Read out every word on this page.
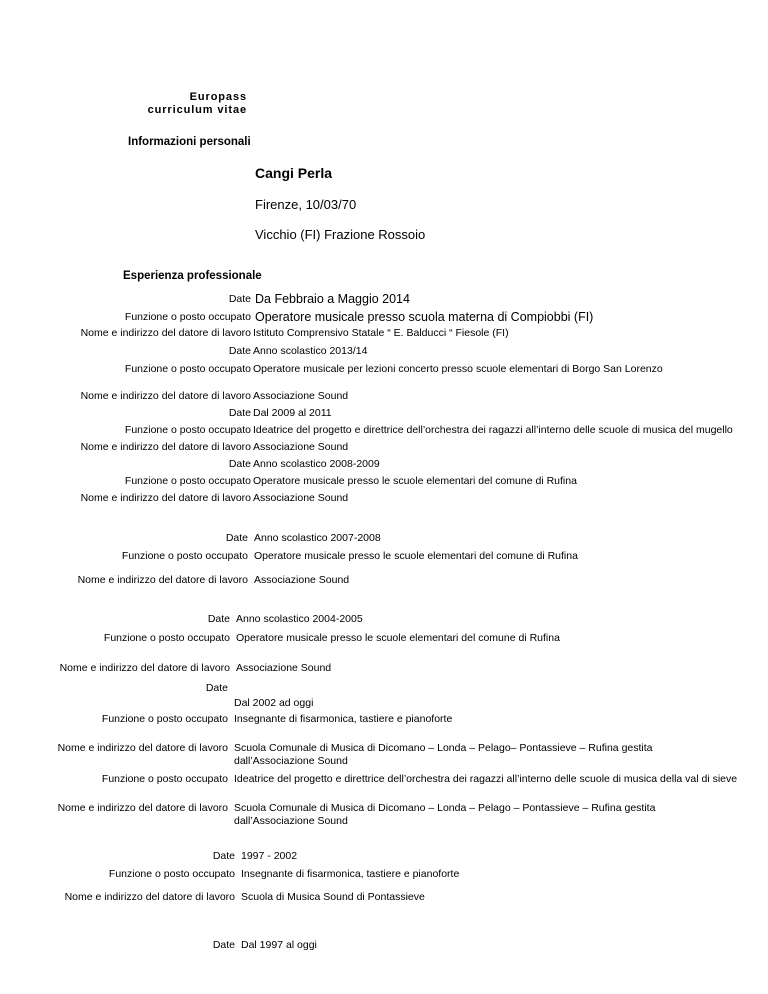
Europass
curriculum vitae
Informazioni personali
Cangi Perla
Firenze, 10/03/70
Vicchio (FI) Frazione Rossoio
Esperienza professionale
Date Da Febbraio a Maggio 2014
Funzione o posto occupato Operatore musicale presso scuola materna di Compiobbi (FI)
Nome e indirizzo del datore di lavoro Istituto Comprensivo Statale “ E. Balducci “ Fiesole (FI)
Date Anno scolastico 2013/14
Funzione o posto occupato Operatore musicale per lezioni concerto presso scuole elementari di Borgo San Lorenzo
Nome e indirizzo del datore di lavoro Associazione Sound
Date Dal 2009 al 2011
Funzione o posto occupato Ideatrice del progetto e direttrice dell’orchestra dei ragazzi all’interno delle scuole di musica del mugello
Nome e indirizzo del datore di lavoro Associazione Sound
Date Anno scolastico 2008-2009
Funzione o posto occupato Operatore musicale presso le scuole elementari del comune di Rufina
Nome e indirizzo del datore di lavoro Associazione Sound
Date Anno scolastico 2007-2008
Funzione o posto occupato Operatore musicale presso le scuole elementari del comune di Rufina
Nome e indirizzo del datore di lavoro Associazione Sound
Date Anno scolastico 2004-2005
Funzione o posto occupato Operatore musicale presso le scuole elementari del comune di Rufina
Nome e indirizzo del datore di lavoro Associazione Sound
Date
Dal 2002 ad oggi
Funzione o posto occupato Insegnante di fisarmonica, tastiere e pianoforte
Nome e indirizzo del datore di lavoro Scuola Comunale di Musica di Dicomano – Londa – Pelago– Pontassieve – Rufina gestita dall’Associazione Sound
Funzione o posto occupato Ideatrice del progetto e direttrice dell’orchestra dei ragazzi all’interno delle scuole di musica della val di sieve
Nome e indirizzo del datore di lavoro Scuola Comunale di Musica di Dicomano – Londa – Pelago – Pontassieve – Rufina gestita dall’Associazione Sound
Date 1997 - 2002
Funzione o posto occupato Insegnante di fisarmonica, tastiere e pianoforte
Nome e indirizzo del datore di lavoro Scuola di Musica Sound di Pontassieve
Date Dal 1997 al oggi
